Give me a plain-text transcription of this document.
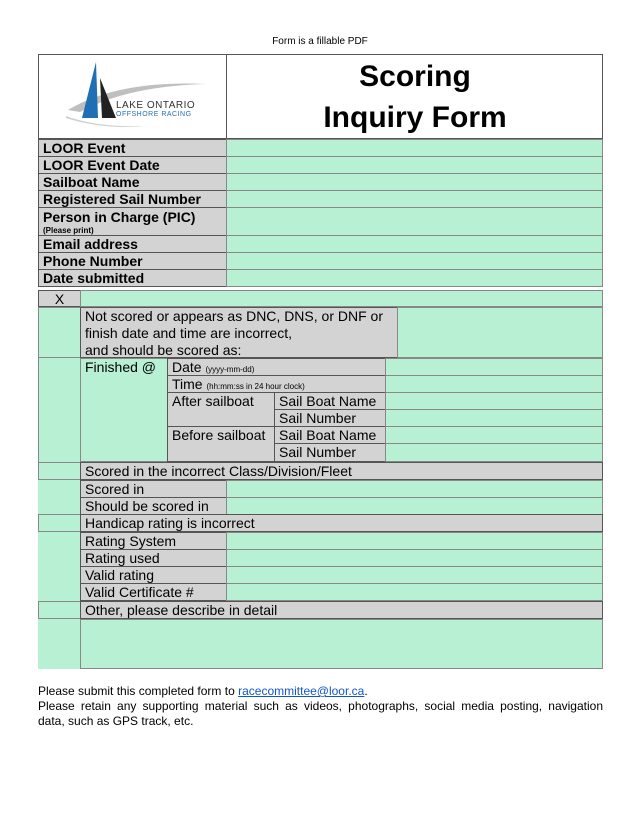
Form is a fillable PDF
LAKE ONTARIO
OFFSHORE RACING
Scoring
Inquiry Form
LOOR Event
LOOR Event Date
Sailboat Name
Registered Sail Number
Person in Charge (PIC)
(Please print)
Email address
Phone Number
Date submitted
X
Not scored or appears as DNC, DNS, or DNF or
finish date and time are incorrect,
and should be scored as:
Finished @	Date (yyyy-mm-dd)
Time (hh:mm:ss in 24 hour clock)
After sailboat	Sail Boat Name
Sail Number
Before sailboat Sail Boat Name
Sail Number
Scored in the incorrect Class/Division/Fleet
Scored in
Should be scored in
Handicap rating is incorrect
Rating System
Rating used
Valid rating
Valid Certificate #
Other, please describe in detail
Please submit this completed form to racecommittee@loor.ca.
Please retain any supporting material such as videos, photographs, social media posting, navigation
data, such as GPS track, etc.
